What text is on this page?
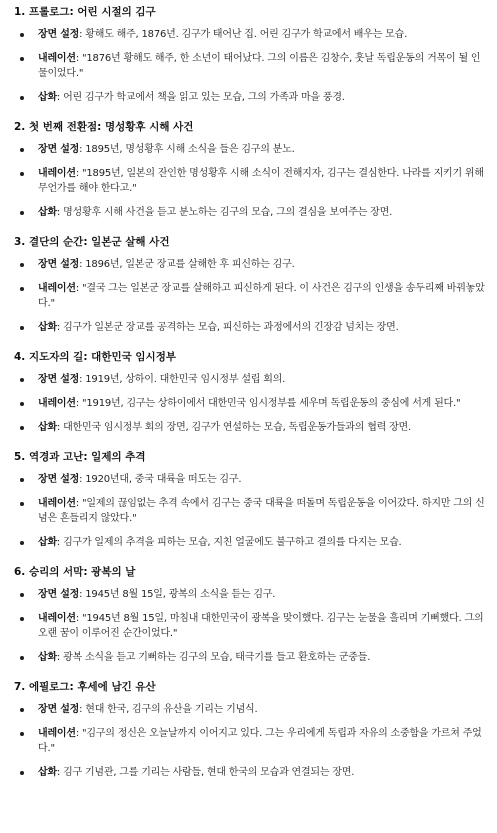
1. 프롤로그: 어린 시절의 김구
장면 설정: 황해도 해주, 1876년. 김구가 태어난 집. 어린 김구가 학교에서 배우는 모습.
내레이션: "1876년 황해도 해주, 한 소년이 태어났다. 그의 이름은 김창수, 훗날 독립운동의 거목이 될 인물이었다."
삽화: 어린 김구가 학교에서 책을 읽고 있는 모습, 그의 가족과 마을 풍경.
2. 첫 번째 전환점: 명성황후 시해 사건
장면 설정: 1895년, 명성황후 시해 소식을 들은 김구의 분노.
내레이션: "1895년, 일본의 잔인한 명성황후 시해 소식이 전해지자, 김구는 결심한다. 나라를 지키기 위해 무언가를 해야 한다고."
삽화: 명성황후 시해 사건을 듣고 분노하는 김구의 모습, 그의 결심을 보여주는 장면.
3. 결단의 순간: 일본군 살해 사건
장면 설정: 1896년, 일본군 장교를 살해한 후 피신하는 김구.
내레이션: "결국 그는 일본군 장교를 살해하고 피신하게 된다. 이 사건은 김구의 인생을 송두리째 바꿔놓았다."
삽화: 김구가 일본군 장교를 공격하는 모습, 피신하는 과정에서의 긴장감 넘치는 장면.
4. 지도자의 길: 대한민국 임시정부
장면 설정: 1919년, 상하이. 대한민국 임시정부 설립 회의.
내레이션: "1919년, 김구는 상하이에서 대한민국 임시정부를 세우며 독립운동의 중심에 서게 된다."
삽화: 대한민국 임시정부 회의 장면, 김구가 연설하는 모습, 독립운동가들과의 협력 장면.
5. 역경과 고난: 일제의 추격
장면 설정: 1920년대, 중국 대륙을 떠도는 김구.
내레이션: "일제의 끊임없는 추격 속에서 김구는 중국 대륙을 떠돌며 독립운동을 이어갔다. 하지만 그의 신념은 흔들리지 않았다."
삽화: 김구가 일제의 추격을 피하는 모습, 지친 얼굴에도 불구하고 결의를 다지는 모습.
6. 승리의 서막: 광복의 날
장면 설정: 1945년 8월 15일, 광복의 소식을 듣는 김구.
내레이션: "1945년 8월 15일, 마침내 대한민국이 광복을 맞이했다. 김구는 눈물을 흘리며 기뻐했다. 그의 오랜 꿈이 이루어진 순간이었다."
삽화: 광복 소식을 듣고 기뻐하는 김구의 모습, 태극기를 들고 환호하는 군중들.
7. 에필로그: 후세에 남긴 유산
장면 설정: 현대 한국, 김구의 유산을 기리는 기념식.
내레이션: "김구의 정신은 오늘날까지 이어지고 있다. 그는 우리에게 독립과 자유의 소중함을 가르쳐 주었다."
삽화: 김구 기념관, 그를 기리는 사람들, 현대 한국의 모습과 연결되는 장면.
